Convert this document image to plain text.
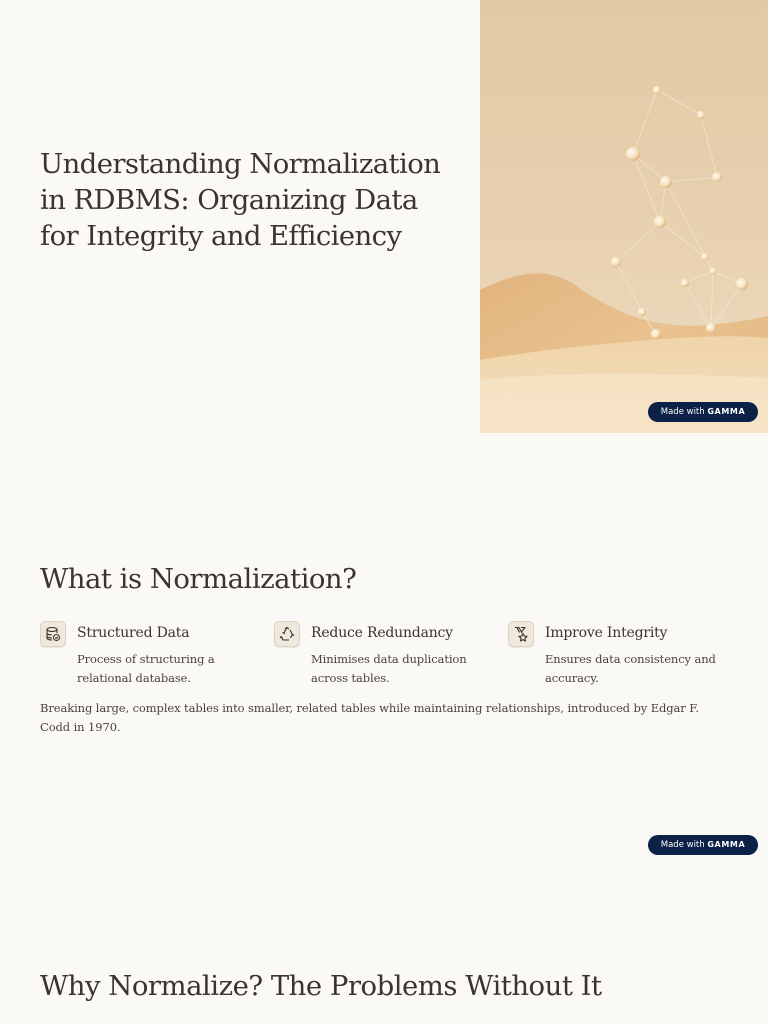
Understanding Normalization in RDBMS: Organizing Data for Integrity and Efficiency
Made with GAMMA
What is Normalization?
Structured Data
Process of structuring a relational database.
Reduce Redundancy
Minimises data duplication across tables.
Improve Integrity
Ensures data consistency and accuracy.

Breaking large, complex tables into smaller, related tables while maintaining relationships, introduced by Edgar F. Codd in 1970.

Made with GAMMA
Why Normalize? The Problems Without It
